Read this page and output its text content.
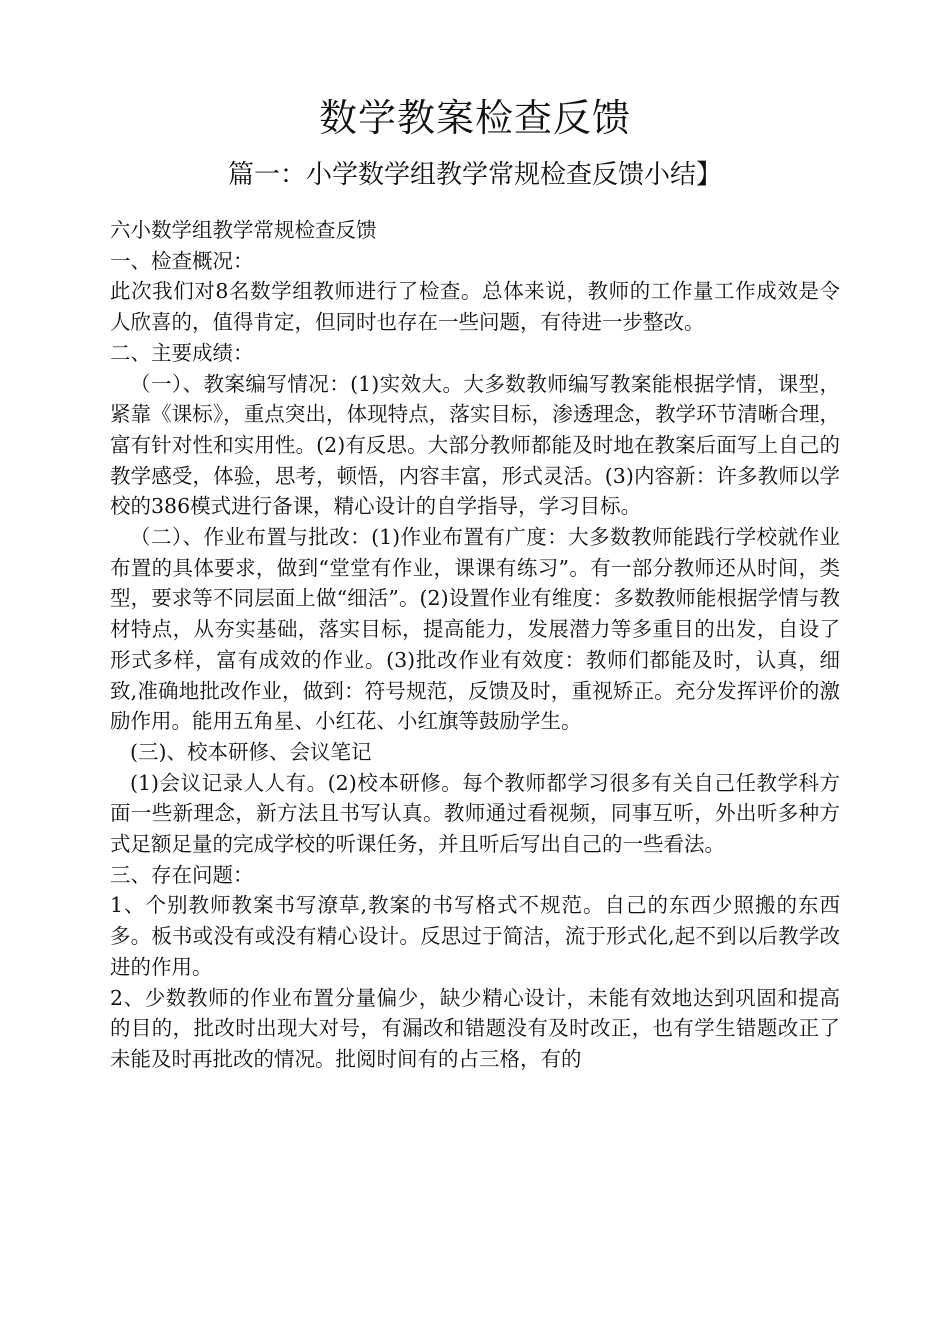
数学教案检查反馈
篇一：小学数学组教学常规检查反馈小结】

六小数学组教学常规检查反馈

一、检查概况：

此次我们对8名数学组教师进行了检查。总体来说，教师的工作量工作成效是令人欣喜的，值得肯定，但同时也存在一些问题，有待进一步整改。

二、主要成绩：

（一）、教案编写情况：(1)实效大。大多数教师编写教案能根据学情，课型，紧靠《课标》，重点突出，体现特点，落实目标，渗透理念，教学环节清晰合理，富有针对性和实用性。(2)有反思。大部分教师都能及时地在教案后面写上自己的教学感受，体验，思考，顿悟，内容丰富，形式灵活。(3)内容新：许多教师以学校的386模式进行备课，精心设计的自学指导，学习目标。

（二）、作业布置与批改：(1)作业布置有广度：大多数教师能践行学校就作业布置的具体要求，做到“堂堂有作业，课课有练习”。有一部分教师还从时间，类型，要求等不同层面上做“细活”。(2)设置作业有维度：多数教师能根据学情与教材特点，从夯实基础，落实目标，提高能力，发展潜力等多重目的出发，自设了形式多样，富有成效的作业。(3)批改作业有效度：教师们都能及时，认真，细致,准确地批改作业，做到：符号规范，反馈及时，重视矫正。充分发挥评价的激励作用。能用五角星、小红花、小红旗等鼓励学生。

(三)、校本研修、会议笔记

(1)会议记录人人有。(2)校本研修。每个教师都学习很多有关自己任教学科方面一些新理念，新方法且书写认真。教师通过看视频，同事互听，外出听多种方式足额足量的完成学校的听课任务，并且听后写出自己的一些看法。

三、存在问题：

1、个别教师教案书写潦草,教案的书写格式不规范。自己的东西少照搬的东西多。板书或没有或没有精心设计。反思过于简洁，流于形式化,起不到以后教学改进的作用。

2、少数教师的作业布置分量偏少，缺少精心设计，未能有效地达到巩固和提高的目的，批改时出现大对号，有漏改和错题没有及时改正，也有学生错题改正了未能及时再批改的情况。批阅时间有的占三格，有的
